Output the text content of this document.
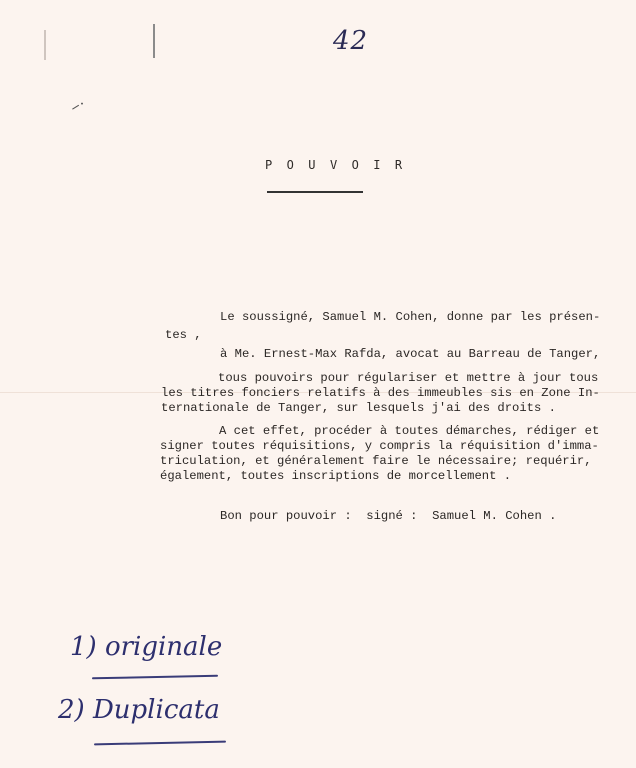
42
P O U V O I R
Le soussigné, Samuel M. Cohen, donne par les présen-
tes ,
à Me. Ernest-Max Rafda, avocat au Barreau de Tanger,
tous pouvoirs pour régulariser et mettre à jour tous
les titres fonciers relatifs à des immeubles sis en Zone In-
ternationale de Tanger, sur lesquels j'ai des droits .
A cet effet, procéder à toutes démarches, rédiger et
signer toutes réquisitions, y compris la réquisition d'imma-
triculation, et généralement faire le nécessaire; requérir,
également, toutes inscriptions de morcellement .
Bon pour pouvoir :  signé :  Samuel M. Cohen .
1) originale
2) Duplicata
